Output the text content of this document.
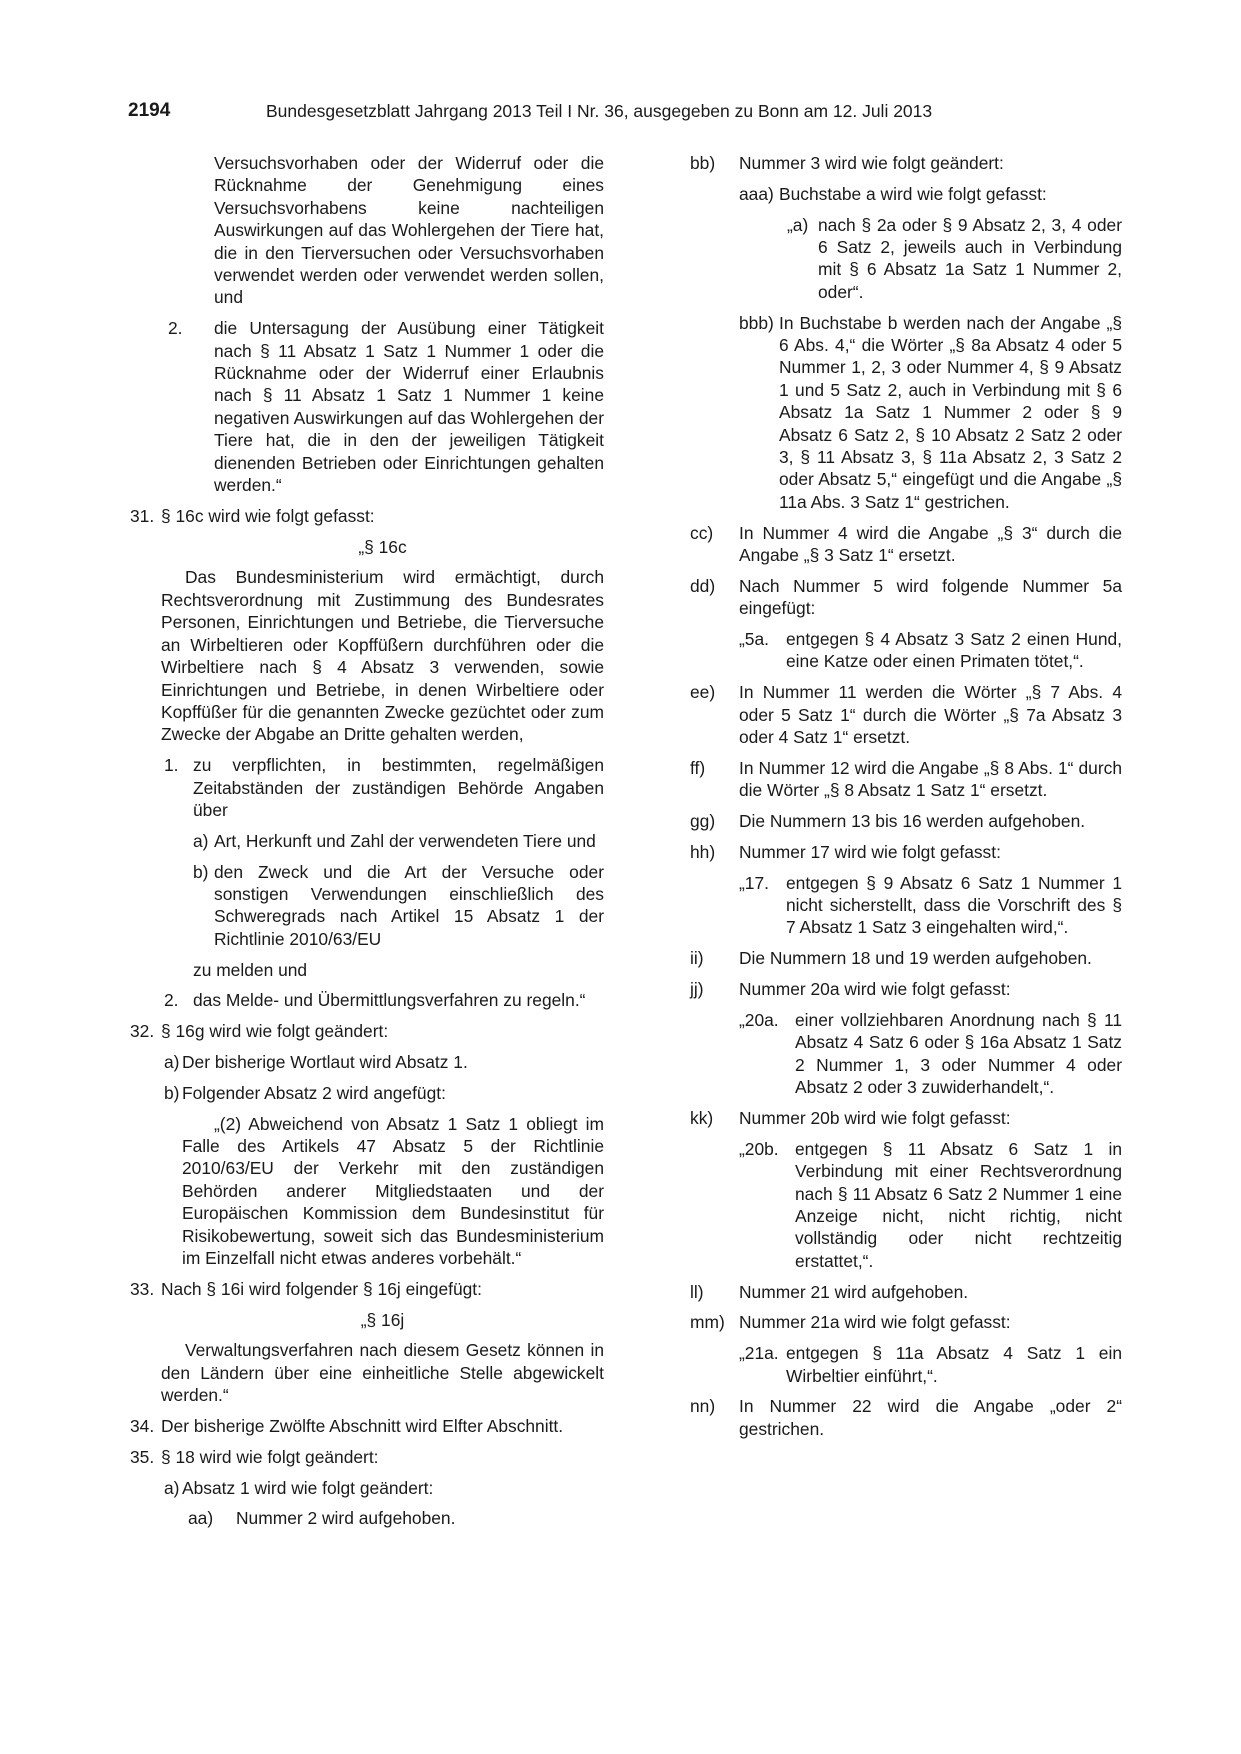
2194	Bundesgesetzblatt Jahrgang 2013 Teil I Nr. 36, ausgegeben zu Bonn am 12. Juli 2013

Versuchsvorhaben oder der Widerruf oder die Rücknahme der Genehmigung eines Versuchsvorhabens keine nachteiligen Auswirkungen auf das Wohlergehen der Tiere hat, die in den Tierversuchen oder Versuchsvorhaben verwendet werden oder verwendet werden sollen, und

2. die Untersagung der Ausübung einer Tätigkeit nach § 11 Absatz 1 Satz 1 Nummer 1 oder die Rücknahme oder der Widerruf einer Erlaubnis nach § 11 Absatz 1 Satz 1 Nummer 1 keine negativen Auswirkungen auf das Wohlergehen der Tiere hat, die in den der jeweiligen Tätigkeit dienenden Betrieben oder Einrichtungen gehalten werden.“
31. § 16c wird wie folgt gefasst:
„§ 16c

Das Bundesministerium wird ermächtigt, durch Rechtsverordnung mit Zustimmung des Bundesrates Personen, Einrichtungen und Betriebe, die Tierversuche an Wirbeltieren oder Kopffüßern durchführen oder die Wirbeltiere nach § 4 Absatz 3 verwenden, sowie Einrichtungen und Betriebe, in denen Wirbeltiere oder Kopffüßer für die genannten Zwecke gezüchtet oder zum Zwecke der Abgabe an Dritte gehalten werden,

1. zu verpflichten, in bestimmten, regelmäßigen Zeitabständen der zuständigen Behörde Angaben über
a) Art, Herkunft und Zahl der verwendeten Tiere und
b) den Zweck und die Art der Versuche oder sonstigen Verwendungen einschließlich des Schweregrads nach Artikel 15 Absatz 1 der Richtlinie 2010/63/EU

zu melden und

2. das Melde- und Übermittlungsverfahren zu regeln.“
32. § 16g wird wie folgt geändert:
a) Der bisherige Wortlaut wird Absatz 1.
b) Folgender Absatz 2 wird angefügt:

„(2) Abweichend von Absatz 1 Satz 1 obliegt im Falle des Artikels 47 Absatz 5 der Richtlinie 2010/63/EU der Verkehr mit den zuständigen Behörden anderer Mitgliedstaaten und der Europäischen Kommission dem Bundesinstitut für Risikobewertung, soweit sich das Bundesministerium im Einzelfall nicht etwas anderes vorbehält.“

33. Nach § 16i wird folgender § 16j eingefügt:
„§ 16j

Verwaltungsverfahren nach diesem Gesetz können in den Ländern über eine einheitliche Stelle abgewickelt werden.“

34. Der bisherige Zwölfte Abschnitt wird Elfter Abschnitt.
35. § 18 wird wie folgt geändert:
a) Absatz 1 wird wie folgt geändert:
aa) Nummer 2 wird aufgehoben.
bb) Nummer 3 wird wie folgt geändert:
aaa) Buchstabe a wird wie folgt gefasst:
„a) nach § 2a oder § 9 Absatz 2, 3, 4 oder 6 Satz 2, jeweils auch in Verbindung mit § 6 Absatz 1a Satz 1 Nummer 2, oder“.
bbb) In Buchstabe b werden nach der Angabe „§ 6 Abs. 4,“ die Wörter „§ 8a Absatz 4 oder 5 Nummer 1, 2, 3 oder Nummer 4, § 9 Absatz 1 und 5 Satz 2, auch in Verbindung mit § 6 Absatz 1a Satz 1 Nummer 2 oder § 9 Absatz 6 Satz 2, § 10 Absatz 2 Satz 2 oder 3, § 11 Absatz 3, § 11a Absatz 2, 3 Satz 2 oder Absatz 5,“ eingefügt und die Angabe „§ 11a Abs. 3 Satz 1“ gestrichen.
cc) In Nummer 4 wird die Angabe „§ 3“ durch die Angabe „§ 3 Satz 1“ ersetzt.
dd) Nach Nummer 5 wird folgende Nummer 5a eingefügt:
„5a. entgegen § 4 Absatz 3 Satz 2 einen Hund, eine Katze oder einen Primaten tötet,“.
ee) In Nummer 11 werden die Wörter „§ 7 Abs. 4 oder 5 Satz 1“ durch die Wörter „§ 7a Absatz 3 oder 4 Satz 1“ ersetzt.
ff) In Nummer 12 wird die Angabe „§ 8 Abs. 1“ durch die Wörter „§ 8 Absatz 1 Satz 1“ ersetzt.
gg) Die Nummern 13 bis 16 werden aufgehoben.
hh) Nummer 17 wird wie folgt gefasst:
„17. entgegen § 9 Absatz 6 Satz 1 Nummer 1 nicht sicherstellt, dass die Vorschrift des § 7 Absatz 1 Satz 3 eingehalten wird,“.
ii) Die Nummern 18 und 19 werden aufgehoben.
jj) Nummer 20a wird wie folgt gefasst:
„20a. einer vollziehbaren Anordnung nach § 11 Absatz 4 Satz 6 oder § 16a Absatz 1 Satz 2 Nummer 1, 3 oder Nummer 4 oder Absatz 2 oder 3 zuwiderhandelt,“.
kk) Nummer 20b wird wie folgt gefasst:
„20b. entgegen § 11 Absatz 6 Satz 1 in Verbindung mit einer Rechtsverordnung nach § 11 Absatz 6 Satz 2 Nummer 1 eine Anzeige nicht, nicht richtig, nicht vollständig oder nicht rechtzeitig erstattet,“.
ll) Nummer 21 wird aufgehoben.
mm) Nummer 21a wird wie folgt gefasst:
„21a. entgegen § 11a Absatz 4 Satz 1 ein Wirbeltier einführt,“.
nn) In Nummer 22 wird die Angabe „oder 2“ gestrichen.
